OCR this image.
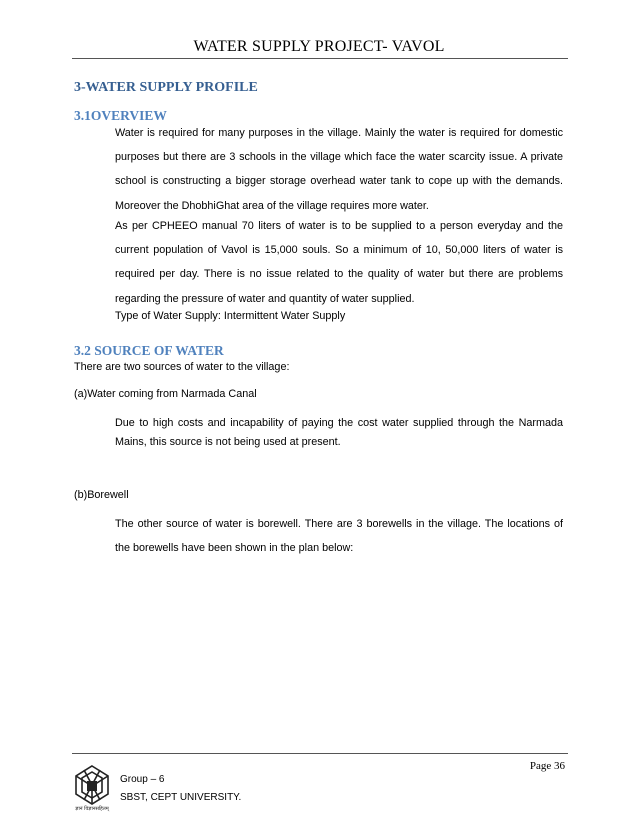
WATER SUPPLY PROJECT- VAVOL
3-WATER SUPPLY PROFILE
3.1OVERVIEW
Water is required for many purposes in the village. Mainly the water is required for domestic purposes but there are 3 schools in the village which face the water scarcity issue. A private school is constructing a bigger storage overhead water tank to cope up with the demands. Moreover the DhobhiGhat area of the village requires more water.
As per CPHEEO manual 70 liters of water is to be supplied to a person everyday and the current population of Vavol is 15,000 souls. So a minimum of 10, 50,000 liters of water is required per day. There is no issue related to the quality of water but there are problems regarding the pressure of water and quantity of water supplied.
Type of Water Supply: Intermittent Water Supply
3.2 SOURCE OF WATER
There are two sources of water to the village:
(a)Water coming from Narmada Canal
Due to high costs and incapability of paying the cost water supplied through the Narmada Mains, this source is not being used at present.
(b)Borewell
The other source of water is borewell. There are 3 borewells in the village. The locations of the borewells have been shown in the plan below:
Page 36
ज्ञानं विज्ञानसहितम्
Group – 6
SBST, CEPT UNIVERSITY.
